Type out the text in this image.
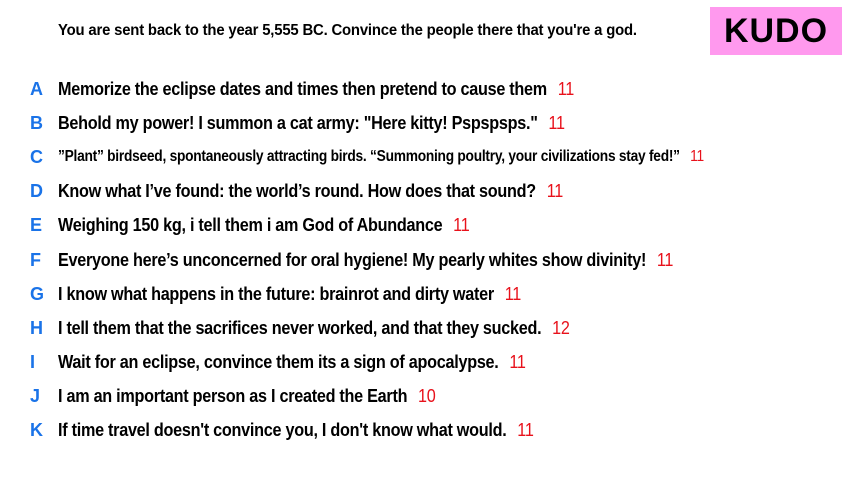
You are sent back to the year 5,555 BC. Convince the people there that you're a god.	KUDO
A Memorize the eclipse dates and times then pretend to cause them 11
B Behold my power! I summon a cat army: "Here kitty! Pspspsps." 11
C ”Plant” birdseed, spontaneously attracting birds. “Summoning poultry, your civilizations stay fed!” 11
D Know what I’ve found: the world’s round. How does that sound? 11
E Weighing 150 kg, i tell them i am God of Abundance 11
F Everyone here’s unconcerned for oral hygiene! My pearly whites show divinity! 11
G I know what happens in the future: brainrot and dirty water 11
H I tell them that the sacrifices never worked, and that they sucked. 12
I	Wait for an eclipse, convince them its a sign of apocalypse. 11
J I am an important person as I created the Earth 10
K If time travel doesn't convince you, I don't know what would. 11
